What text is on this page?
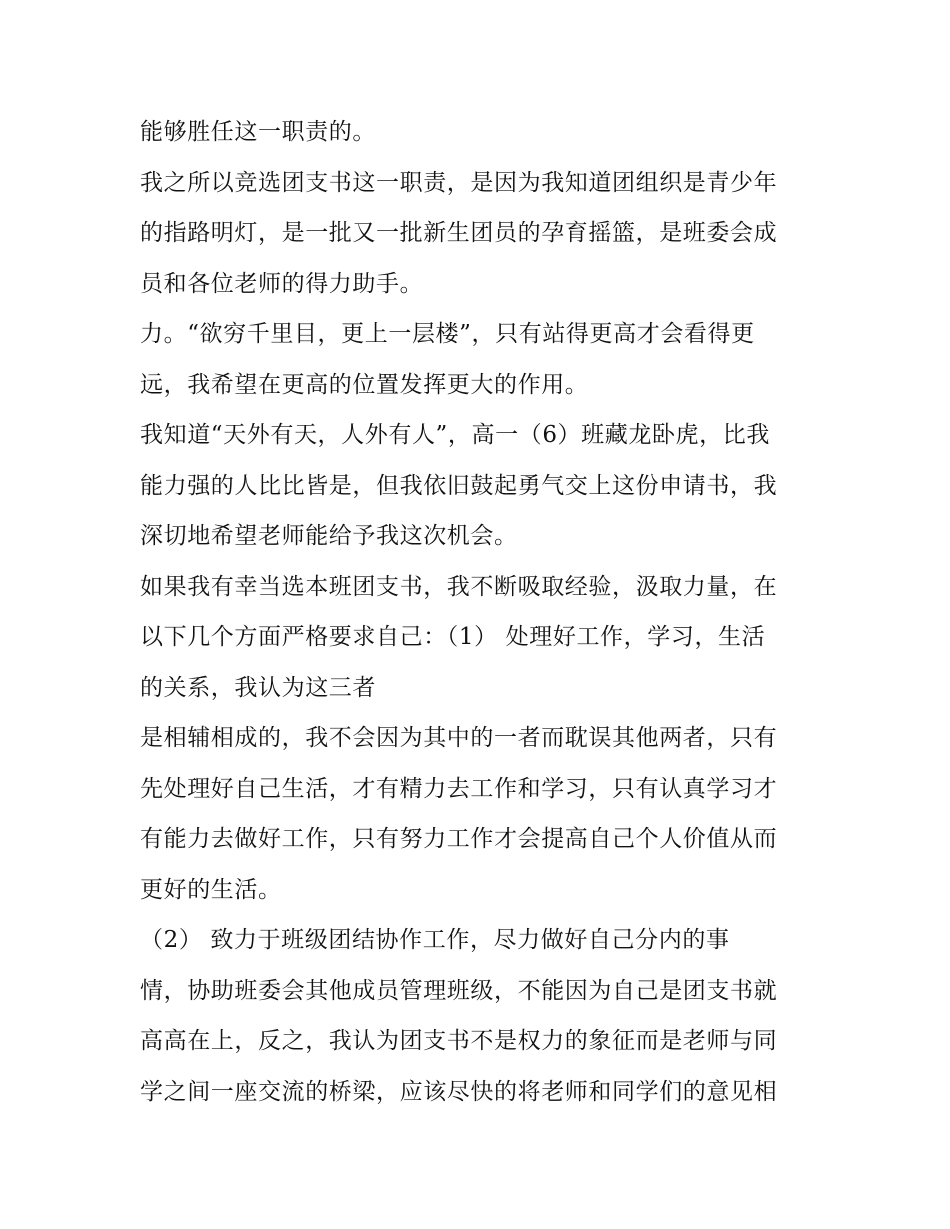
能够胜任这一职责的。
我之所以竞选团支书这一职责，是因为我知道团组织是青少年
的指路明灯，是一批又一批新生团员的孕育摇篮，是班委会成
员和各位老师的得力助手。
力。“欲穷千里目，更上一层楼”，只有站得更高才会看得更
远，我希望在更高的位置发挥更大的作用。
我知道“天外有天，人外有人”，高一（6）班藏龙卧虎，比我
能力强的人比比皆是，但我依旧鼓起勇气交上这份申请书，我
深切地希望老师能给予我这次机会。
如果我有幸当选本班团支书，我不断吸取经验，汲取力量，在
以下几个方面严格要求自己：（1） 处理好工作，学习，生活
的关系，我认为这三者
是相辅相成的，我不会因为其中的一者而耽误其他两者，只有
先处理好自己生活，才有精力去工作和学习，只有认真学习才
有能力去做好工作，只有努力工作才会提高自己个人价值从而
更好的生活。
（2） 致力于班级团结协作工作，尽力做好自己分内的事
情，协助班委会其他成员管理班级，不能因为自己是团支书就
高高在上，反之，我认为团支书不是权力的象征而是老师与同
学之间一座交流的桥梁，应该尽快的将老师和同学们的意见相
